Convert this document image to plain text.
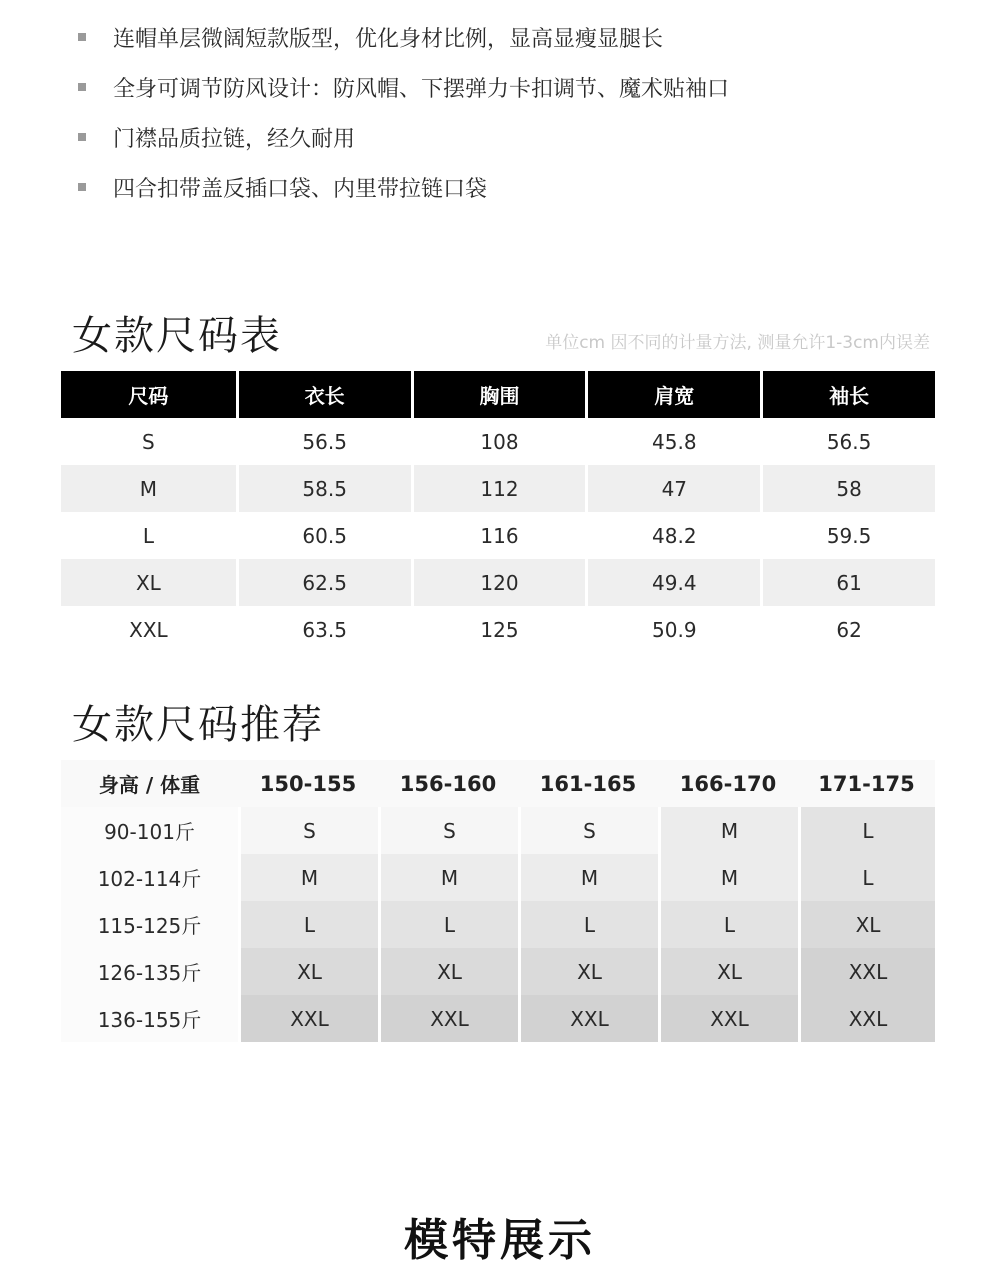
连帽单层微阔短款版型，优化身材比例，显高显瘦显腿长
全身可调节防风设计：防风帽、下摆弹力卡扣调节、魔术贴袖口
门襟品质拉链，经久耐用
四合扣带盖反插口袋、内里带拉链口袋
女款尺码表	单位cm 因不同的计量方法, 测量允许1-3cm内误差
尺码	衣长	胸围	肩宽	袖长
S	56.5	108	45.8	56.5
M	58.5	112	47	58
L	60.5	116	48.2	59.5
XL	62.5	120	49.4	61
XXL	63.5	125	50.9	62
女款尺码推荐
身高 / 体重	150-155	156-160	161-165	166-170	171-175
90-101斤	S	S	S	M	L
102-114斤	M	M	M	M	L
115-125斤	L	L	L	L	XL
126-135斤	XL	XL	XL	XL	XXL
136-155斤	XXL	XXL	XXL	XXL	XXL
模特展示
